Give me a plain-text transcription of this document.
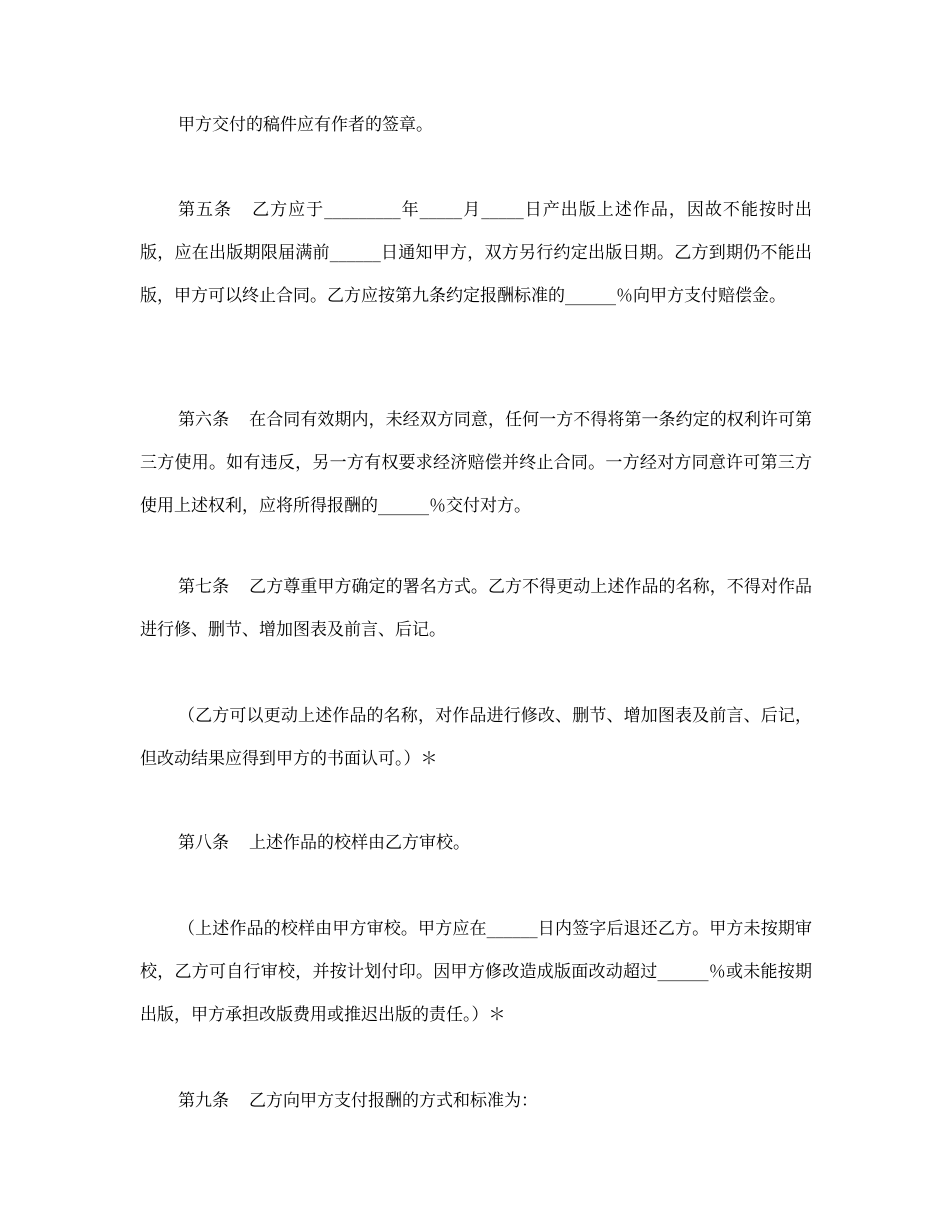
甲方交付的稿件应有作者的签章。

第五条 乙方应于_________年_____月_____日产出版上述作品，因故不能按时出版，应在出版期限届满前______日通知甲方，双方另行约定出版日期。乙方到期仍不能出版，甲方可以终止合同。乙方应按第九条约定报酬标准的______％向甲方支付赔偿金。

第六条 在合同有效期内，未经双方同意，任何一方不得将第一条约定的权利许可第三方使用。如有违反，另一方有权要求经济赔偿并终止合同。一方经对方同意许可第三方使用上述权利，应将所得报酬的______％交付对方。

第七条 乙方尊重甲方确定的署名方式。乙方不得更动上述作品的名称，不得对作品进行修、删节、增加图表及前言、后记。

（乙方可以更动上述作品的名称，对作品进行修改、删节、增加图表及前言、后记，但改动结果应得到甲方的书面认可。）＊

第八条 上述作品的校样由乙方审校。

（上述作品的校样由甲方审校。甲方应在______日内签字后退还乙方。甲方未按期审校，乙方可自行审校，并按计划付印。因甲方修改造成版面改动超过______％或未能按期出版，甲方承担改版费用或推迟出版的责任。）＊

第九条 乙方向甲方支付报酬的方式和标准为：
